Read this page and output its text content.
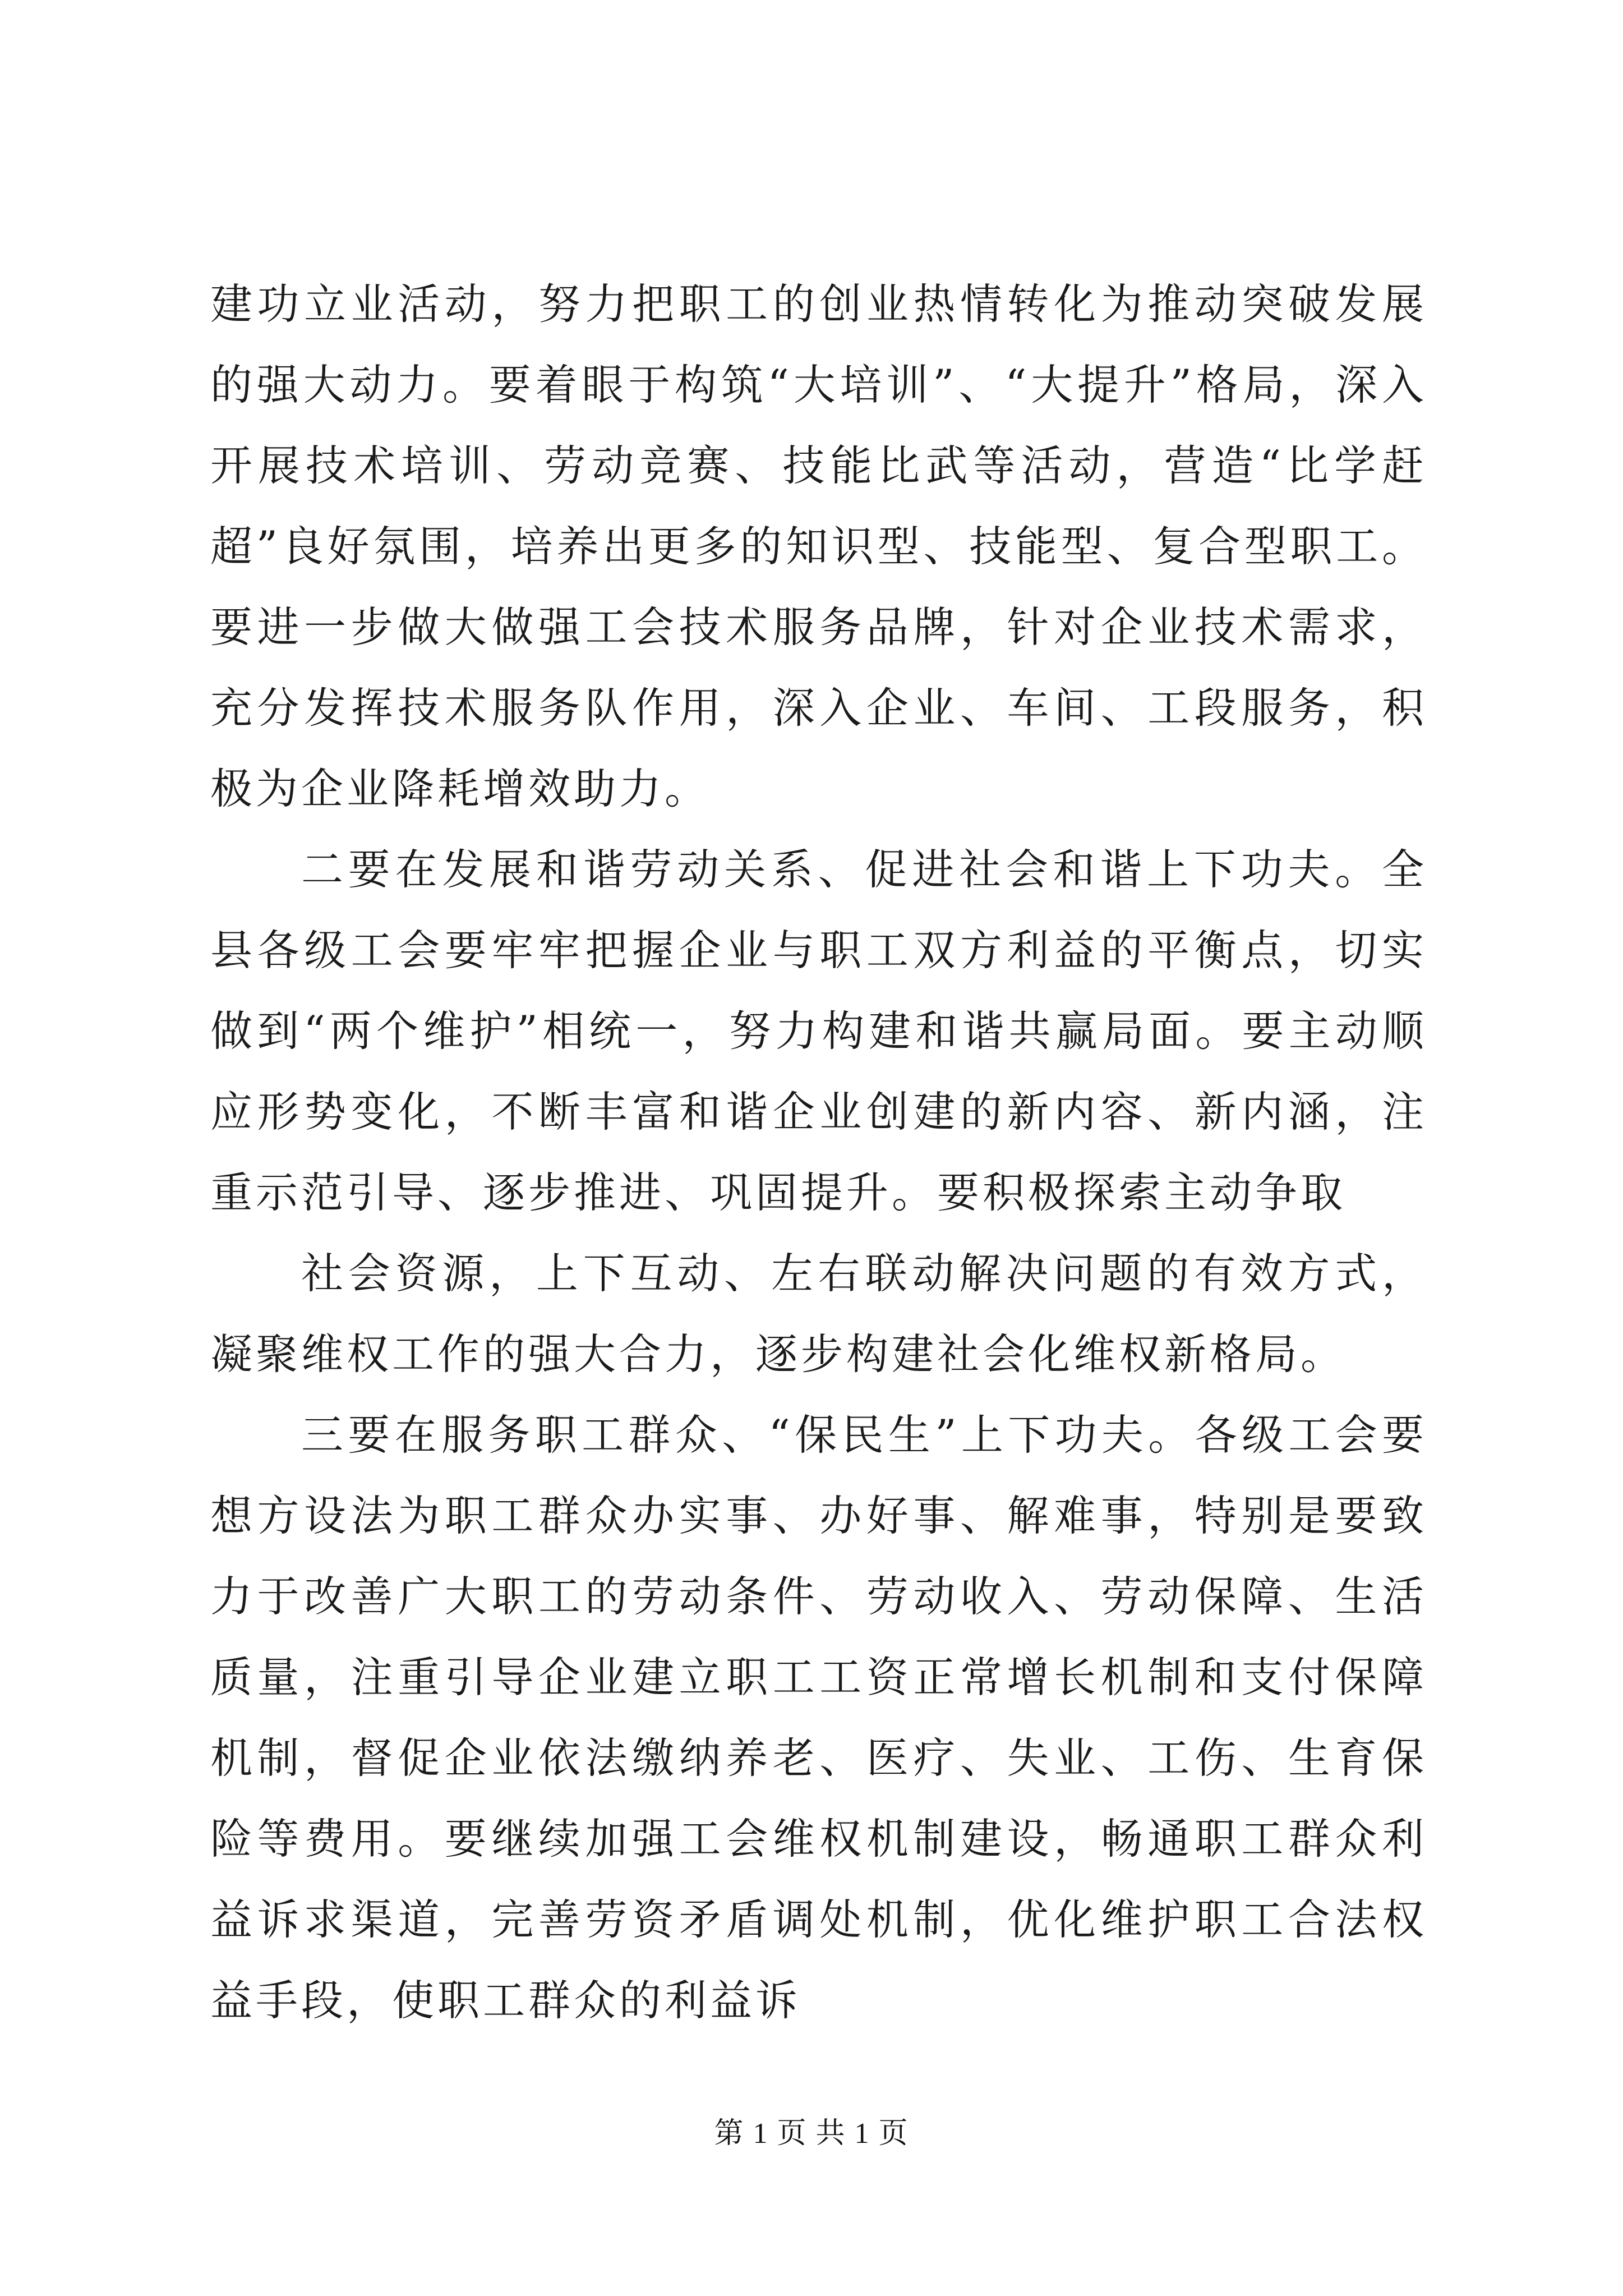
建功立业活动，努力把职工的创业热情转化为推动突破发展的强大动力。要着眼于构筑“大培训”、“大提升”格局，深入开展技术培训、劳动竞赛、技能比武等活动，营造“比学赶超”良好氛围，培养出更多的知识型、技能型、复合型职工。要进一步做大做强工会技术服务品牌，针对企业技术需求，充分发挥技术服务队作用，深入企业、车间、工段服务，积极为企业降耗增效助力。

二要在发展和谐劳动关系、促进社会和谐上下功夫。全县各级工会要牢牢把握企业与职工双方利益的平衡点，切实做到“两个维护”相统一，努力构建和谐共赢局面。要主动顺应形势变化，不断丰富和谐企业创建的新内容、新内涵，注重示范引导、逐步推进、巩固提升。要积极探索主动争取

社会资源，上下互动、左右联动解决问题的有效方式，凝聚维权工作的强大合力，逐步构建社会化维权新格局。

三要在服务职工群众、“保民生”上下功夫。各级工会要想方设法为职工群众办实事、办好事、解难事，特别是要致力于改善广大职工的劳动条件、劳动收入、劳动保障、生活质量，注重引导企业建立职工工资正常增长机制和支付保障机制，督促企业依法缴纳养老、医疗、失业、工伤、生育保险等费用。要继续加强工会维权机制建设，畅通职工群众利益诉求渠道，完善劳资矛盾调处机制，优化维护职工合法权益手段，使职工群众的利益诉

第 1 页 共 1 页
